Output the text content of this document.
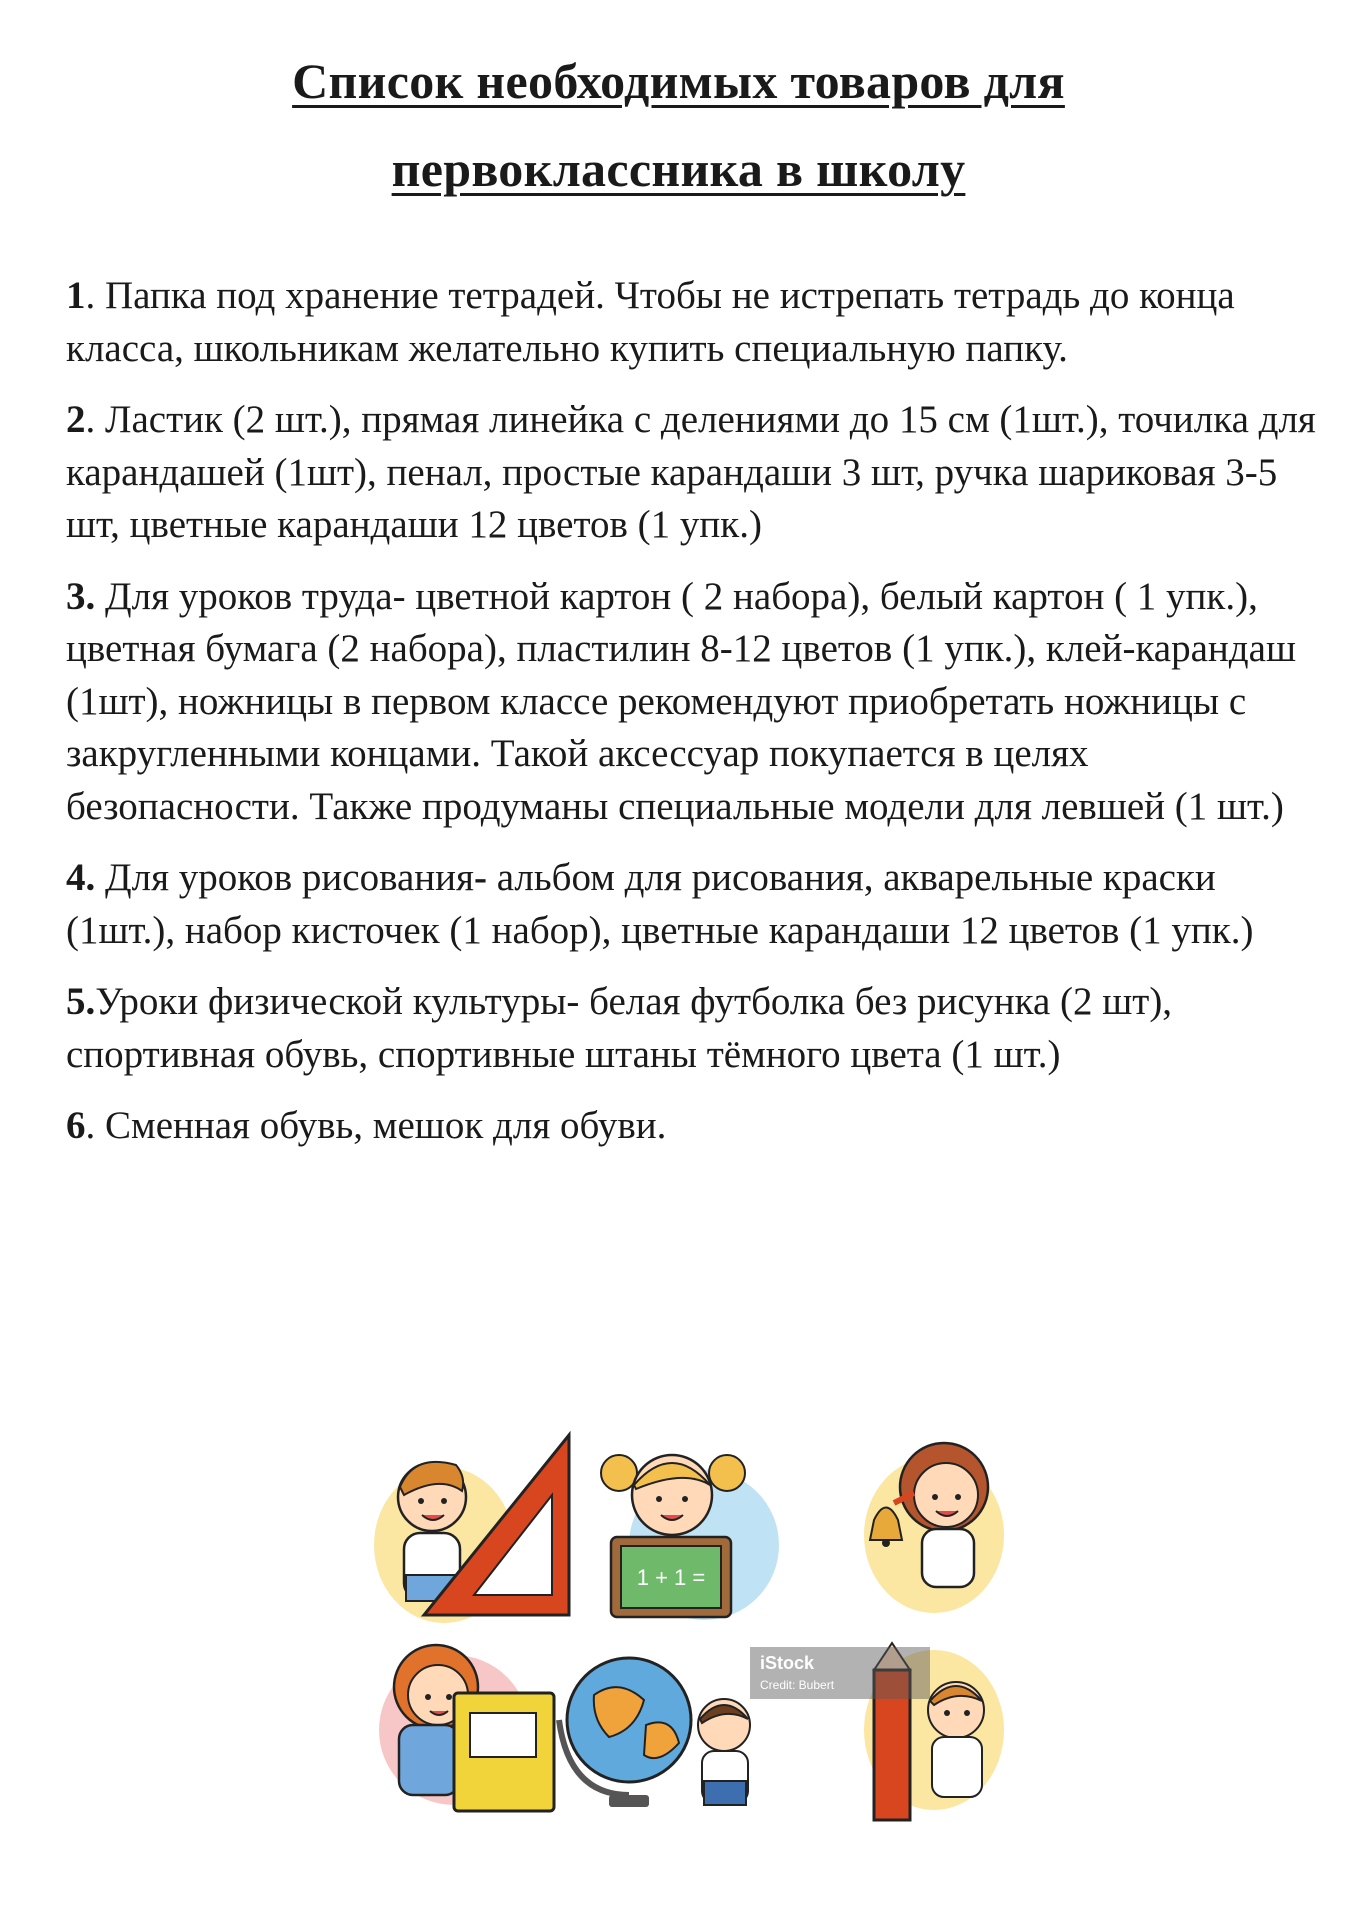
Список необходимых товаров для
первоклассника в школу

1. Папка под хранение тетрадей. Чтобы не истрепать тетрадь до конца класса, школьникам желательно купить специальную папку.

2. Ластик (2 шт.), прямая линейка с делениями до 15 см (1шт.), точилка для карандашей (1шт), пенал, простые карандаши 3 шт, ручка шариковая 3-5 шт, цветные карандаши 12 цветов (1 упк.)

3. Для уроков труда- цветной картон ( 2 набора), белый картон ( 1 упк.), цветная бумага (2 набора), пластилин 8-12 цветов (1 упк.), клей-карандаш (1шт), ножницы в первом классе рекомендуют приобретать ножницы с закругленными концами. Такой аксессуар покупается в целях безопасности. Также продуманы специальные модели для левшей (1 шт.)

4. Для уроков рисования- альбом для рисования, акварельные краски (1шт.), набор кисточек (1 набор), цветные карандаши 12 цветов (1 упк.)

5.Уроки физической культуры- белая футболка без рисунка (2 шт), спортивная обувь, спортивные штаны тёмного цвета (1 шт.)

6. Сменная обувь, мешок для обуви.

1 + 1 =
iStock
Credit: Bubert
